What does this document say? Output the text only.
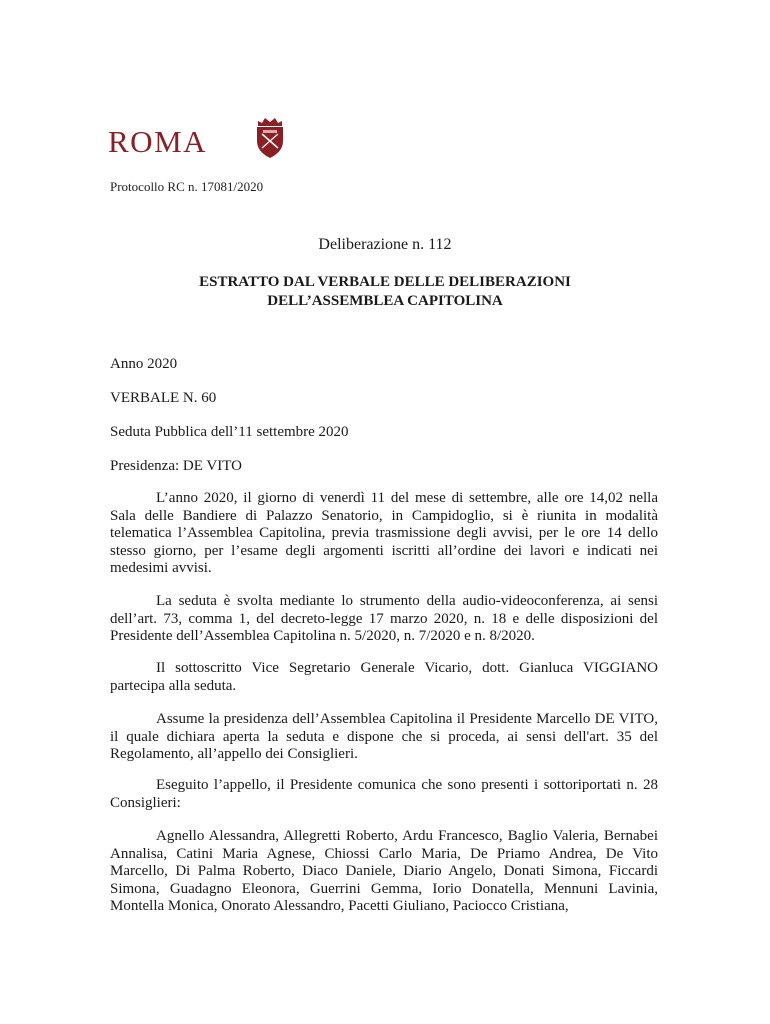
ROMA
Protocollo RC n. 17081/2020
Deliberazione n. 112
ESTRATTO DAL VERBALE DELLE DELIBERAZIONI
DELL’ASSEMBLEA CAPITOLINA
Anno 2020
VERBALE N. 60
Seduta Pubblica dell’11 settembre 2020
Presidenza: DE VITO

L’anno 2020, il giorno di venerdì 11 del mese di settembre, alle ore 14,02 nella Sala delle Bandiere di Palazzo Senatorio, in Campidoglio, si è riunita in modalità telematica l’Assemblea Capitolina, previa trasmissione degli avvisi, per le ore 14 dello stesso giorno, per l’esame degli argomenti iscritti all’ordine dei lavori e indicati nei medesimi avvisi.

La seduta è svolta mediante lo strumento della audio-videoconferenza, ai sensi dell’art. 73, comma 1, del decreto-legge 17 marzo 2020, n. 18 e delle disposizioni del Presidente dell’Assemblea Capitolina n. 5/2020, n. 7/2020 e n. 8/2020.

Il sottoscritto Vice Segretario Generale Vicario, dott. Gianluca VIGGIANO partecipa alla seduta.

Assume la presidenza dell’Assemblea Capitolina il Presidente Marcello DE VITO, il quale dichiara aperta la seduta e dispone che si proceda, ai sensi dell'art. 35 del Regolamento, all’appello dei Consiglieri.

Eseguito l’appello, il Presidente comunica che sono presenti i sottoriportati n. 28 Consiglieri:

Agnello Alessandra, Allegretti Roberto, Ardu Francesco, Baglio Valeria, Bernabei Annalisa, Catini Maria Agnese, Chiossi Carlo Maria, De Priamo Andrea, De Vito Marcello, Di Palma Roberto, Diaco Daniele, Diario Angelo, Donati Simona, Ficcardi Simona, Guadagno Eleonora, Guerrini Gemma, Iorio Donatella, Mennuni Lavinia, Montella Monica, Onorato Alessandro, Pacetti Giuliano, Paciocco Cristiana,
